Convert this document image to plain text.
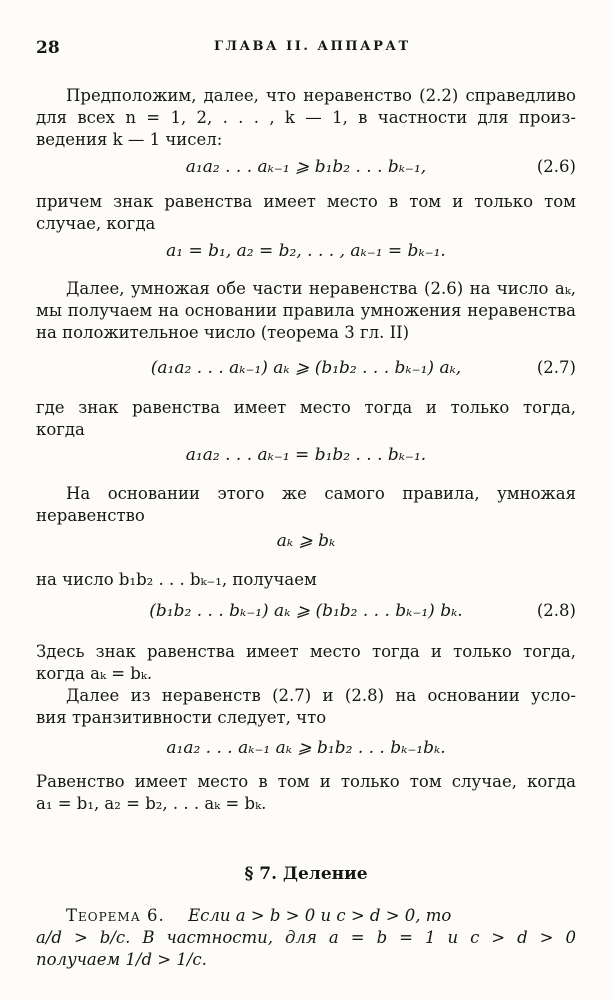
28	ГЛАВА II. АППАРАТ
Предположим, далее, что неравенство (2.2) справедливо
для всех n = 1, 2, . . . , k — 1, в частности для произ-
ведения k — 1 чисел:
a₁a₂ . . . aₖ₋₁ ⩾ b₁b₂ . . . bₖ₋₁,	(2.6)
причем знак равенства имеет место в том и только том
случае, когда
a₁ = b₁, a₂ = b₂, . . . , aₖ₋₁ = bₖ₋₁.
Далее, умножая обе части неравенства (2.6) на число aₖ,
мы получаем на основании правила умножения неравенства
на положительное число (теорема 3 гл. II)
(a₁a₂ . . . aₖ₋₁) aₖ ⩾ (b₁b₂ . . . bₖ₋₁) aₖ,	(2.7)
где знак равенства имеет место тогда и только тогда,
когда
a₁a₂ . . . aₖ₋₁ = b₁b₂ . . . bₖ₋₁.
На основании этого же самого правила, умножая
неравенство
aₖ ⩾ bₖ
на число b₁b₂ . . . bₖ₋₁, получаем
(b₁b₂ . . . bₖ₋₁) aₖ ⩾ (b₁b₂ . . . bₖ₋₁) bₖ.	(2.8)
Здесь знак равенства имеет место тогда и только тогда,
когда aₖ = bₖ.
Далее из неравенств (2.7) и (2.8) на основании усло-
вия транзитивности следует, что
a₁a₂ . . . aₖ₋₁ aₖ ⩾ b₁b₂ . . . bₖ₋₁bₖ.
Равенство имеет место в том и только том случае, когда
a₁ = b₁, a₂ = b₂, . . . aₖ = bₖ.
§ 7. Деление
Теорема 6. Если a > b > 0 и c > d > 0, то
a/d > b/c. В частности, для a = b = 1 и c > d > 0
получаем 1/d > 1/c.
